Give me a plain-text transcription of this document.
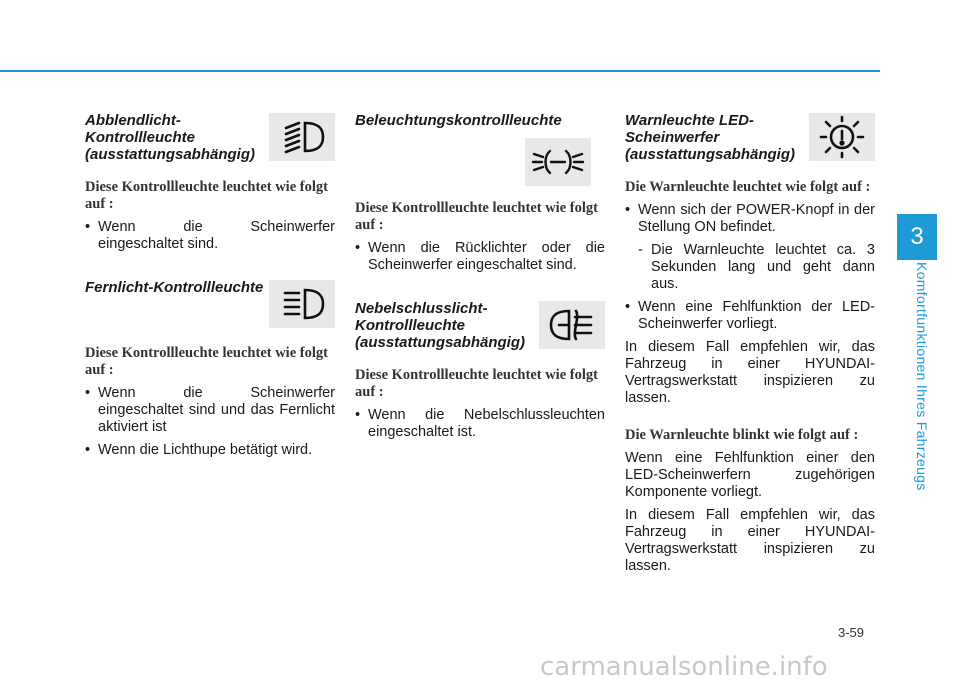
3
Komfortfunktionen Ihres Fahrzeugs
Abblendlicht-Kontrollleuchte (ausstattungsabhängig)
Diese Kontrollleuchte leuchtet wie folgt auf :
• Wenn die Scheinwerfer eingeschaltet sind.
Fernlicht-Kontrollleuchte
Diese Kontrollleuchte leuchtet wie folgt auf :
• Wenn die Scheinwerfer eingeschaltet sind und das Fernlicht aktiviert ist
• Wenn die Lichthupe betätigt wird.
Beleuchtungskontrollleuchte
Diese Kontrollleuchte leuchtet wie folgt auf :
• Wenn die Rücklichter oder die Scheinwerfer eingeschaltet sind.
Nebelschlusslicht-Kontrollleuchte (ausstattungsabhängig)
Diese Kontrollleuchte leuchtet wie folgt auf :
• Wenn die Nebelschlussleuchten eingeschaltet ist.
Warnleuchte LED-Scheinwerfer (ausstattungsabhängig)
Die Warnleuchte leuchtet wie folgt auf :
• Wenn sich der POWER-Knopf in der Stellung ON befindet.
- Die Warnleuchte leuchtet ca. 3 Sekunden lang und geht dann aus.
• Wenn eine Fehlfunktion der LED-Scheinwerfer vorliegt.
In diesem Fall empfehlen wir, das Fahrzeug in einer HYUNDAI-Vertragswerkstatt inspizieren zu lassen.
Die Warnleuchte blinkt wie folgt auf :
Wenn eine Fehlfunktion einer den LED-Scheinwerfern zugehörigen Komponente vorliegt.
In diesem Fall empfehlen wir, das Fahrzeug in einer HYUNDAI-Vertragswerkstatt inspizieren zu lassen.
3-59
carmanualsonline.info
